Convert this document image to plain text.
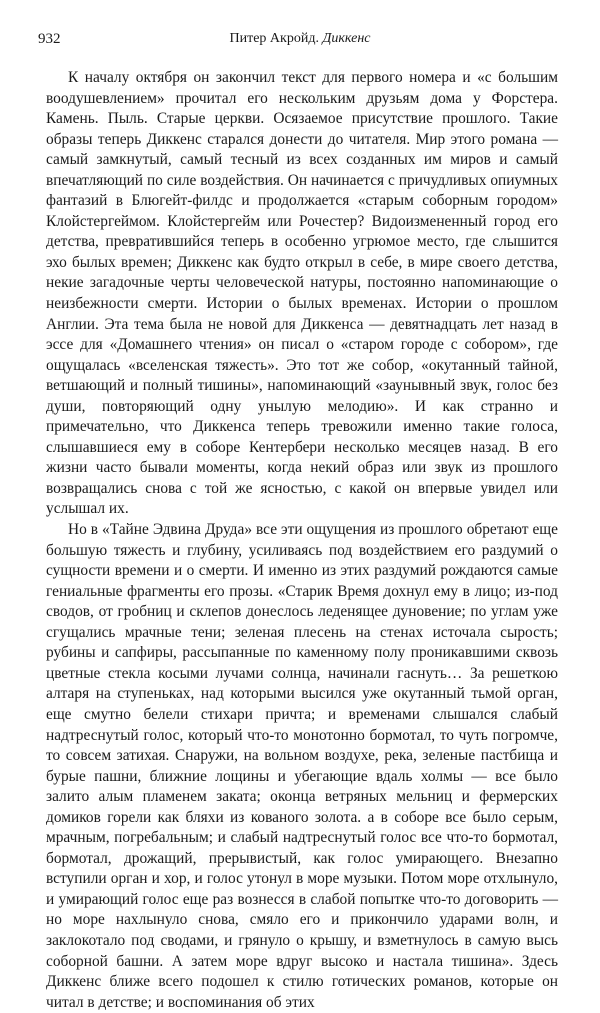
932	Питер Акройд. Диккенс

К началу октября он закончил текст для первого номера и «с большим воодушевлением» прочитал его нескольким друзьям дома у Форстера. Камень. Пыль. Старые церкви. Осязаемое присутствие прошлого. Такие образы теперь Диккенс старался донести до читателя. Мир этого романа — самый замкнутый, самый тесный из всех созданных им миров и самый впечатляющий по силе воздействия. Он начинается с причудливых опиумных фантазий в Блюгейт-филдс и продолжается «старым соборным городом» Клойстергеймом. Клойстергейм или Рочестер? Видоизмененный город его детства, превратившийся теперь в особенно угрюмое место, где слышится эхо былых времен; Диккенс как будто открыл в себе, в мире своего детства, некие загадочные черты человеческой натуры, постоянно напоминающие о неизбежности смерти. Истории о былых временах. Истории о прошлом Англии. Эта тема была не новой для Диккенса — девятнадцать лет назад в эссе для «Домашнего чтения» он писал о «старом городе с собором», где ощущалась «вселенская тяжесть». Это тот же собор, «окутанный тайной, ветшающий и полный тишины», напоминающий «заунывный звук, голос без души, повторяющий одну унылую мелодию». И как странно и примечательно, что Диккенса теперь тревожили именно такие голоса, слышавшиеся ему в соборе Кентербери несколько месяцев назад. В его жизни часто бывали моменты, когда некий образ или звук из прошлого возвращались снова с той же ясностью, с какой он впервые увидел или услышал их.

Но в «Тайне Эдвина Друда» все эти ощущения из прошлого обретают еще большую тяжесть и глубину, усиливаясь под воздействием его раздумий о сущности времени и о смерти. И именно из этих раздумий рождаются самые гениальные фрагменты его прозы. «Старик Время дохнул ему в лицо; из-под сводов, от гробниц и склепов донеслось леденящее дуновение; по углам уже сгущались мрачные тени; зеленая плесень на стенах источала сырость; рубины и сапфиры, рассыпанные по каменному полу проникавшими сквозь цветные стекла косыми лучами солнца, начинали гаснуть… За решеткою алтаря на ступеньках, над которыми высился уже окутанный тьмой орган, еще смутно белели стихари причта; и временами слышался слабый надтреснутый голос, который что-то монотонно бормотал, то чуть погромче, то совсем затихая. Снаружи, на вольном воздухе, река, зеленые пастбища и бурые пашни, ближние лощины и убегающие вдаль холмы — все было залито алым пламенем заката; оконца ветряных мельниц и фермерских домиков горели как бляхи из кованого золота. а в соборе все было серым, мрачным, погребальным; и слабый надтреснутый голос все что-то бормотал, бормотал, дрожащий, прерывистый, как голос умирающего. Внезапно вступили орган и хор, и голос утонул в море музыки. Потом море отхлынуло, и умирающий голос еще раз вознесся в слабой попытке что-то договорить — но море нахлынуло снова, смяло его и прикончило ударами волн, и заклокотало под сводами, и грянуло о крышу, и взметнулось в самую высь соборной башни. А затем море вдруг высоко и настала тишина». Здесь Диккенс ближе всего подошел к стилю готических романов, которые он читал в детстве; и воспоминания об этих
